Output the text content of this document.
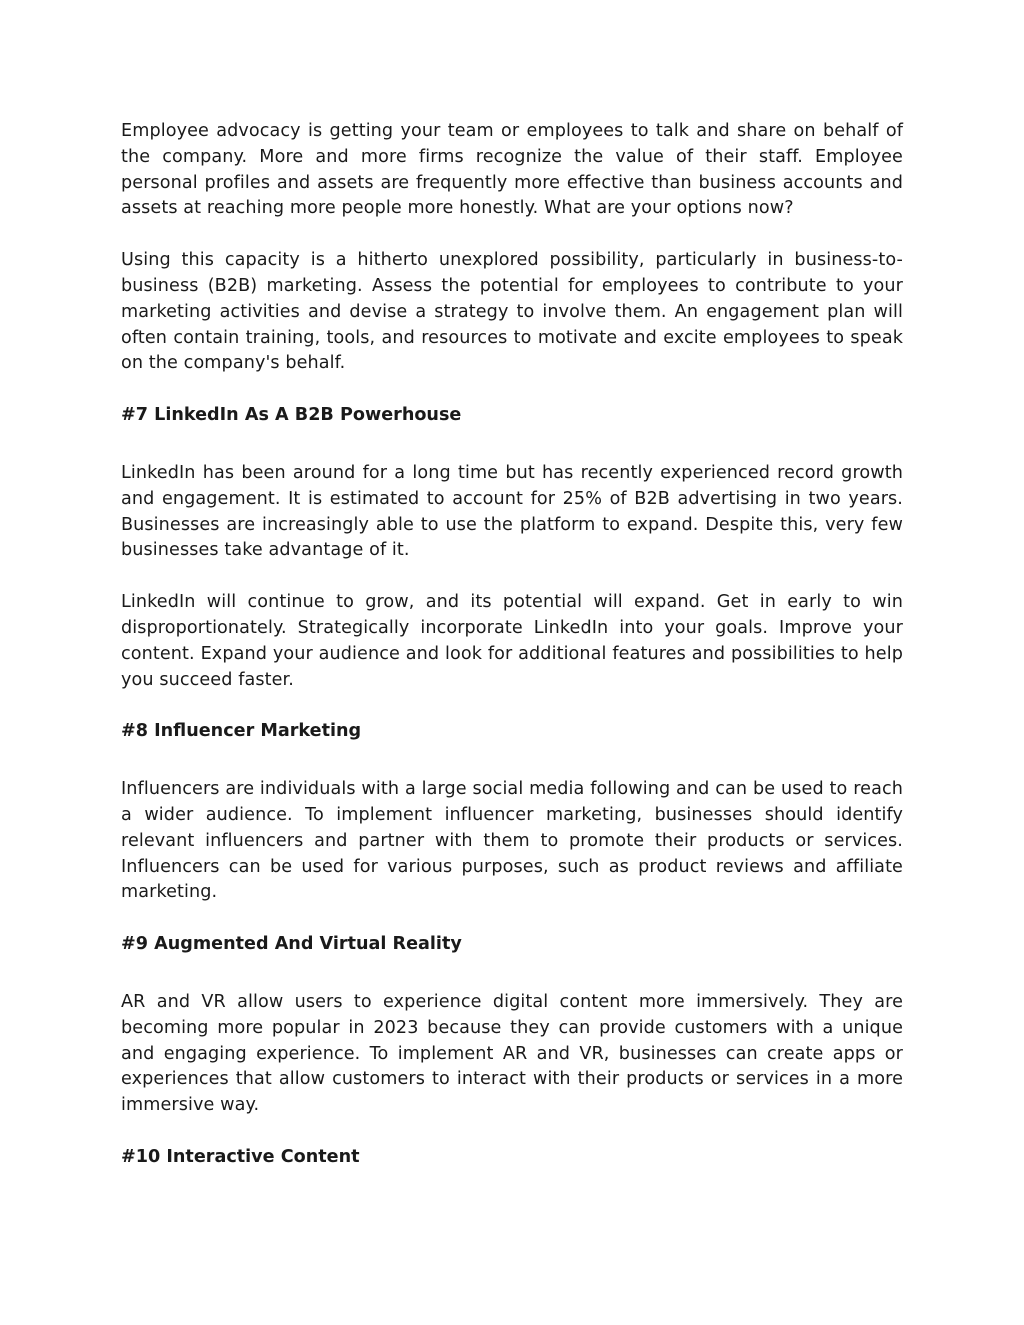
Employee advocacy is getting your team or employees to talk and share on behalf of the company. More and more firms recognize the value of their staff. Employee personal profiles and assets are frequently more effective than business accounts and assets at reaching more people more honestly. What are your options now?

Using this capacity is a hitherto unexplored possibility, particularly in business-to-business (B2B) marketing. Assess the potential for employees to contribute to your marketing activities and devise a strategy to involve them. An engagement plan will often contain training, tools, and resources to motivate and excite employees to speak on the company's behalf.

#7 LinkedIn As A B2B Powerhouse

LinkedIn has been around for a long time but has recently experienced record growth and engagement. It is estimated to account for 25% of B2B advertising in two years. Businesses are increasingly able to use the platform to expand. Despite this, very few businesses take advantage of it.

LinkedIn will continue to grow, and its potential will expand. Get in early to win disproportionately. Strategically incorporate LinkedIn into your goals. Improve your content. Expand your audience and look for additional features and possibilities to help you succeed faster.

#8 Influencer Marketing

Influencers are individuals with a large social media following and can be used to reach a wider audience. To implement influencer marketing, businesses should identify relevant influencers and partner with them to promote their products or services. Influencers can be used for various purposes, such as product reviews and affiliate marketing.

#9 Augmented And Virtual Reality

AR and VR allow users to experience digital content more immersively. They are becoming more popular in 2023 because they can provide customers with a unique and engaging experience. To implement AR and VR, businesses can create apps or experiences that allow customers to interact with their products or services in a more immersive way.

#10 Interactive Content
